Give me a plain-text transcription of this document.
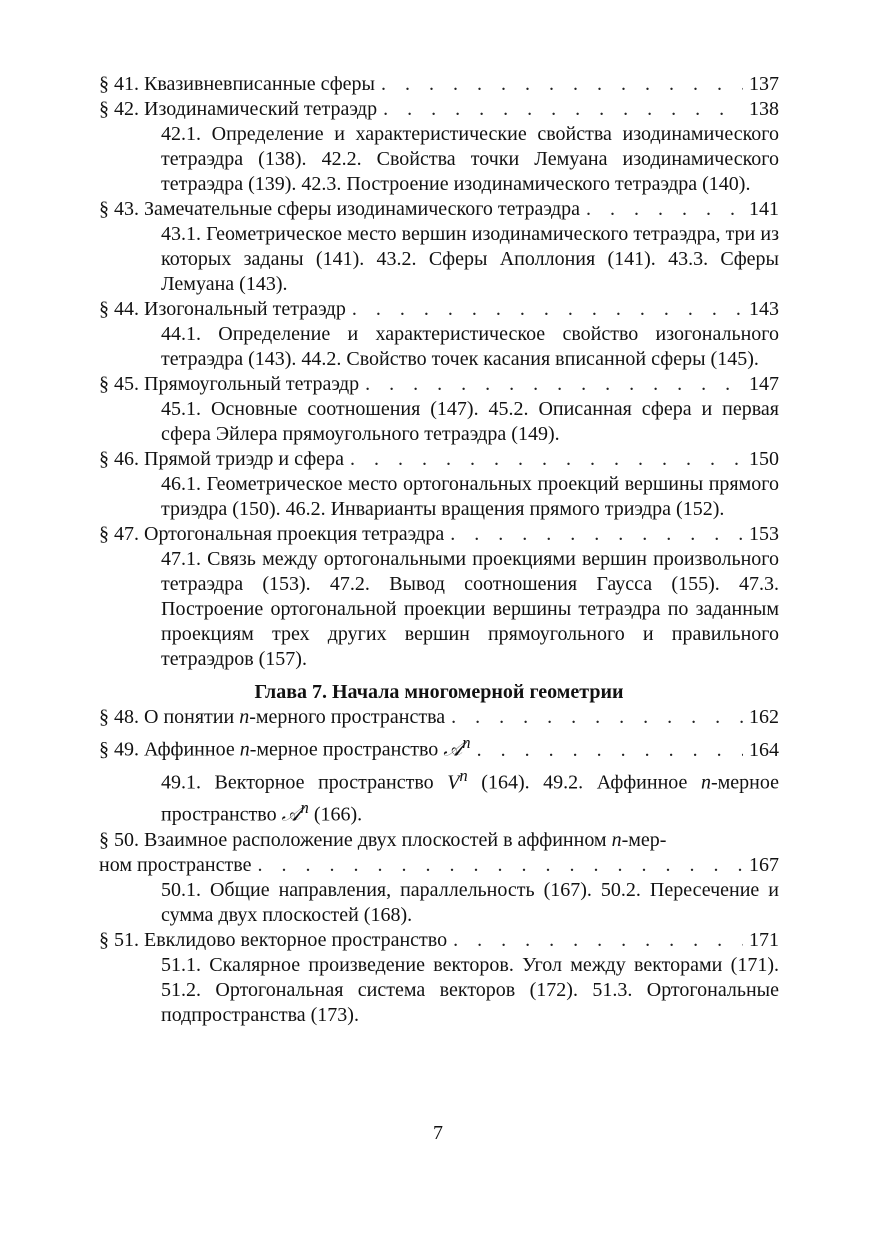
§ 41. Квазивневписанные сферы . . .	137
§ 42. Изодинамический тетраэдр . . .	138
42.1. Определение и характеристические свойства изодинамического тетраэдра (138). 42.2. Свойства точки Лемуана изодинамического тетраэдра (139). 42.3. Построение изодинамического тетраэдра (140).
§ 43. Замечательные сферы изодинамического тетраэдра . . .	141
43.1. Геометрическое место вершин изодинамического тетраэдра, три из которых заданы (141). 43.2. Сферы Аполлония (141). 43.3. Сферы Лемуана (143).
§ 44. Изогональный тетраэдр . . .	143
44.1. Определение и характеристическое свойство изогонального тетраэдра (143). 44.2. Свойство точек касания вписанной сферы (145).
§ 45. Прямоугольный тетраэдр . . .	147
45.1. Основные соотношения (147). 45.2. Описанная сфера и первая сфера Эйлера прямоугольного тетраэдра (149).
§ 46. Прямой триэдр и сфера . . .	150
46.1. Геометрическое место ортогональных проекций вершины прямого триэдра (150). 46.2. Инварианты вращения прямого триэдра (152).
§ 47. Ортогональная проекция тетраэдра . . .	153
47.1. Связь между ортогональными проекциями вершин произвольного тетраэдра (153). 47.2. Вывод соотношения Гаусса (155). 47.3. Построение ортогональной проекции вершины тетраэдра по заданным проекциям трех других вершин прямоугольного и правильного тетраэдров (157).
Глава 7. Начала многомерной геометрии
§ 48. О понятии n-мерного пространства . . .	162
§ 49. Аффинное n-мерное пространство 𝒜$^n$ . . .	164
49.1. Векторное пространство $V^n$ (164). 49.2. Аффинное n-мерное пространство 𝒜$^n$ (166).
§ 50. Взаимное расположение двух плоскостей в аффинном n-мер-
ном пространстве . . .	167
50.1. Общие направления, параллельность (167). 50.2. Пересечение и сумма двух плоскостей (168).
§ 51. Евклидово векторное пространство . . .	171
51.1. Скалярное произведение векторов. Угол между векторами (171). 51.2. Ортогональная система векторов (172). 51.3. Ортогональные подпространства (173).
7
